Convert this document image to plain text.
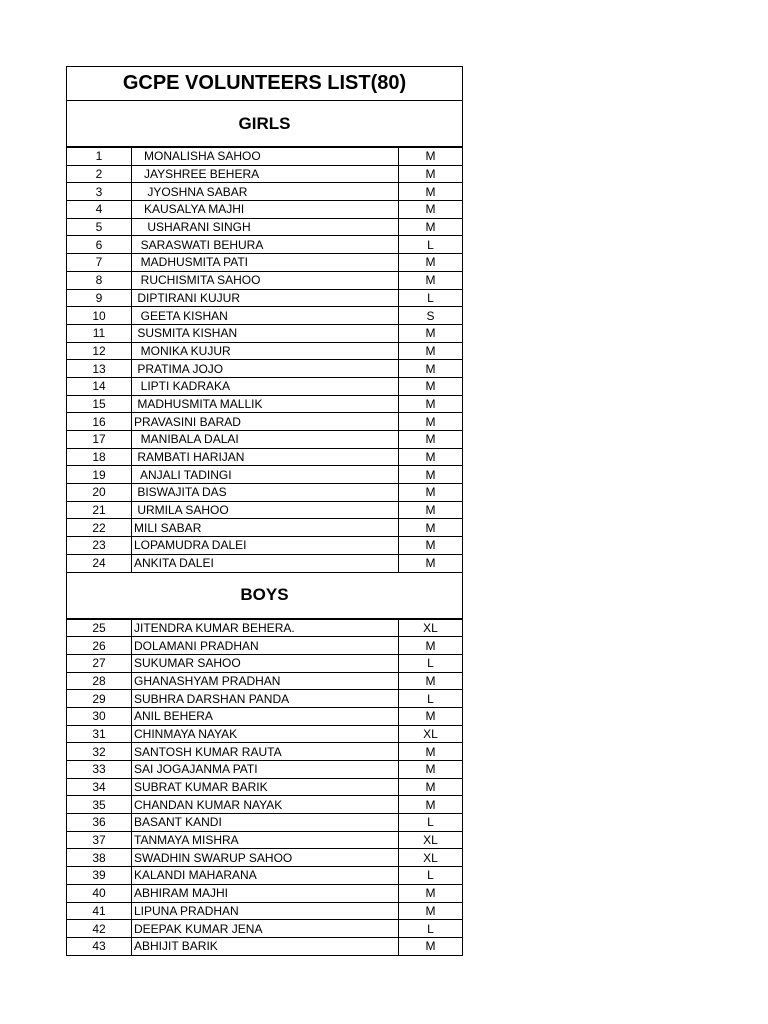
GCPE VOLUNTEERS LIST(80)
GIRLS
1	MONALISHA SAHOO	M
2	JAYSHREE BEHERA	M
3	JYOSHNA SABAR	M
4	KAUSALYA MAJHI	M
5	USHARANI SINGH	M
6	SARASWATI BEHURA	L
7	MADHUSMITA PATI	M
8	RUCHISMITA SAHOO	M
9	DIPTIRANI KUJUR	L
10	GEETA KISHAN	S
11	SUSMITA KISHAN	M
12	MONIKA KUJUR	M
13	PRATIMA JOJO	M
14	LIPTI KADRAKA	M
15	MADHUSMITA MALLIK	M
16	PRAVASINI BARAD	M
17	MANIBALA DALAI	M
18	RAMBATI HARIJAN	M
19	ANJALI TADINGI	M
20	BISWAJITA DAS	M
21	URMILA SAHOO	M
22	MILI SABAR	M
23	LOPAMUDRA DALEI	M
24	ANKITA DALEI	M
BOYS
25	JITENDRA KUMAR BEHERA.	XL
26	DOLAMANI PRADHAN	M
27	SUKUMAR SAHOO	L
28	GHANASHYAM PRADHAN	M
29	SUBHRA DARSHAN PANDA	L
30	ANIL BEHERA	M
31	CHINMAYA NAYAK	XL
32	SANTOSH KUMAR RAUTA	M
33	SAI JOGAJANMA PATI	M
34	SUBRAT KUMAR BARIK	M
35	CHANDAN KUMAR NAYAK	M
36	BASANT KANDI	L
37	TANMAYA MISHRA	XL
38	SWADHIN SWARUP SAHOO	XL
39	KALANDI MAHARANA	L
40	ABHIRAM MAJHI	M
41	LIPUNA PRADHAN	M
42	DEEPAK KUMAR JENA	L
43	ABHIJIT BARIK	M
